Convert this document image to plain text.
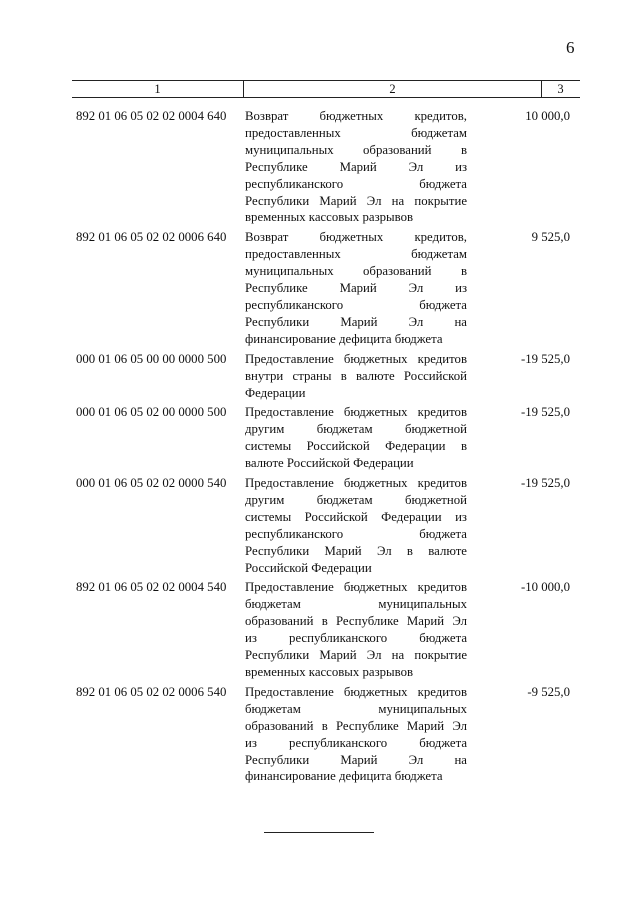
6
1	2	3
892 01 06 05 02 02 0004 640 Возврат бюджетных кредитов,
предоставленных бюджетам
муниципальных образований в
Республике Марий Эл из
республиканского бюджета
Республики Марий Эл на покрытие
временных кассовых разрывов
10 000,0
892 01 06 05 02 02 0006 640 Возврат бюджетных кредитов,
предоставленных бюджетам
муниципальных образований в
Республике Марий Эл из
республиканского бюджета
Республики Марий Эл на
финансирование дефицита бюджета
9 525,0
000 01 06 05 00 00 0000 500 Предоставление бюджетных кредитов
внутри страны в валюте Российской
Федерации
-19 525,0
000 01 06 05 02 00 0000 500 Предоставление бюджетных кредитов
другим бюджетам бюджетной
системы Российской Федерации в
валюте Российской Федерации
-19 525,0
000 01 06 05 02 02 0000 540 Предоставление бюджетных кредитов
другим бюджетам бюджетной
системы Российской Федерации из
республиканского бюджета
Республики Марий Эл в валюте
Российской Федерации
-19 525,0
892 01 06 05 02 02 0004 540 Предоставление бюджетных кредитов
бюджетам муниципальных
образований в Республике Марий Эл
из республиканского бюджета
Республики Марий Эл на покрытие
временных кассовых разрывов
-10 000,0
892 01 06 05 02 02 0006 540 Предоставление бюджетных кредитов
бюджетам муниципальных
образований в Республике Марий Эл
из республиканского бюджета
Республики Марий Эл на
финансирование дефицита бюджета
-9 525,0
